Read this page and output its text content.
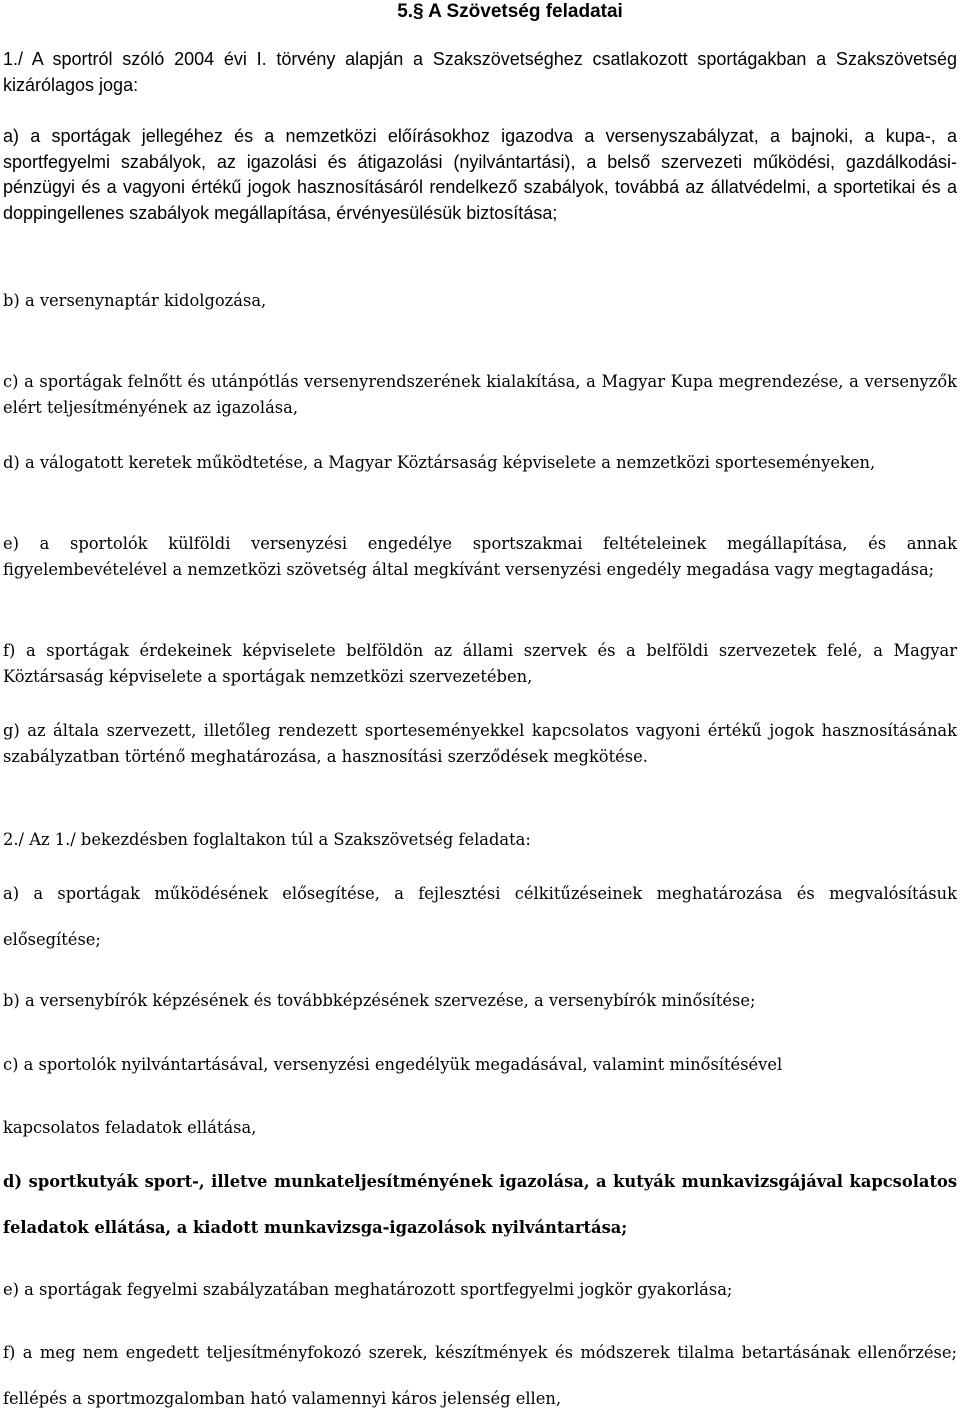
5.§ A Szövetség feladatai

1./ A sportról szóló 2004 évi I. törvény alapján a Szakszövetséghez csatlakozott sportágakban a Szakszövetség kizárólagos joga:

a) a sportágak jellegéhez és a nemzetközi előírásokhoz igazodva a versenyszabályzat, a bajnoki, a kupa-, a sportfegyelmi szabályok, az igazolási és átigazolási (nyilvántartási), a belső szervezeti működési, gazdálkodási-pénzügyi és a vagyoni értékű jogok hasznosításáról rendelkező szabályok, továbbá az állatvédelmi, a sportetikai és a doppingellenes szabályok megállapítása, érvényesülésük biztosítása;

b) a versenynaptár kidolgozása,

c) a sportágak felnőtt és utánpótlás versenyrendszerének kialakítása, a Magyar Kupa megrendezése, a versenyzők elért teljesítményének az igazolása,

d) a válogatott keretek működtetése, a Magyar Köztársaság képviselete a nemzetközi sporteseményeken,

e) a sportolók külföldi versenyzési engedélye sportszakmai feltételeinek megállapítása, és annak figyelembevételével a nemzetközi szövetség által megkívánt versenyzési engedély megadása vagy megtagadása;

f) a sportágak érdekeinek képviselete belföldön az állami szervek és a belföldi szervezetek felé, a Magyar Köztársaság képviselete a sportágak nemzetközi szervezetében,

g) az általa szervezett, illetőleg rendezett sporteseményekkel kapcsolatos vagyoni értékű jogok hasznosításának szabályzatban történő meghatározása, a hasznosítási szerződések megkötése.

2./ Az 1./ bekezdésben foglaltakon túl a Szakszövetség feladata:

a) a sportágak működésének elősegítése, a fejlesztési célkitűzéseinek meghatározása és megvalósításuk elősegítése;

b) a versenybírók képzésének és továbbképzésének szervezése, a versenybírók minősítése;

c) a sportolók nyilvántartásával, versenyzési engedélyük megadásával, valamint minősítésével

kapcsolatos feladatok ellátása,

d) sportkutyák sport-, illetve munkateljesítményének igazolása, a kutyák munkavizsgájával kapcsolatos feladatok ellátása, a kiadott munkavizsga-igazolások nyilvántartása;

e) a sportágak fegyelmi szabályzatában meghatározott sportfegyelmi jogkör gyakorlása;

f) a meg nem engedett teljesítményfokozó szerek, készítmények és módszerek tilalma betartásának ellenőrzése; fellépés a sportmozgalomban ható valamennyi káros jelenség ellen,
